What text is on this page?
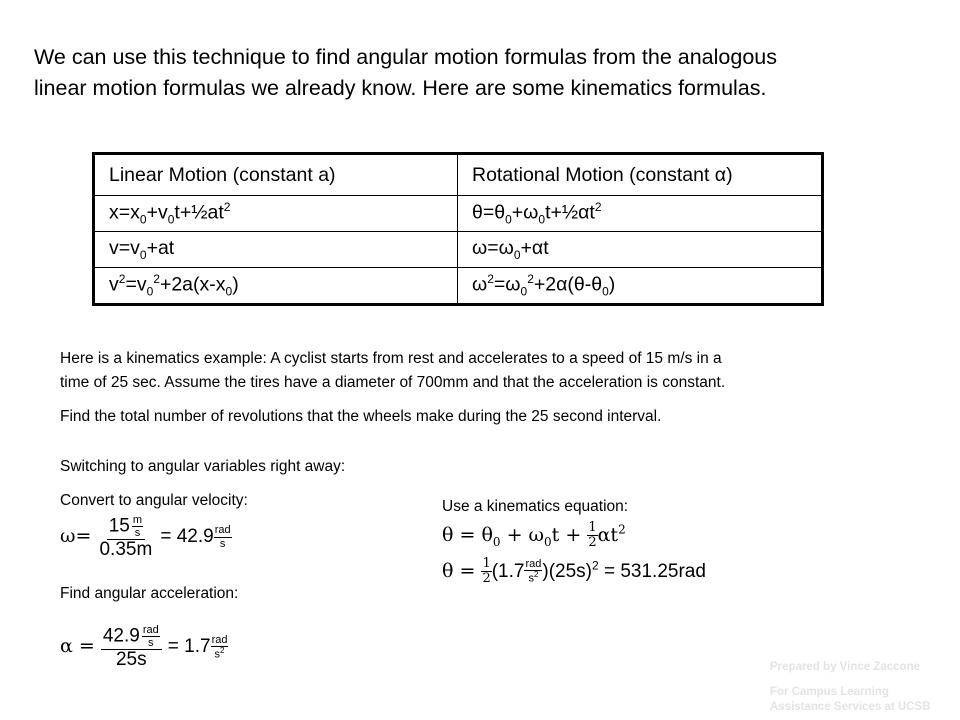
We can use this technique to find angular motion formulas from the analogous
linear motion formulas we already know. Here are some kinematics formulas.

Linear Motion (constant a)	Rotational Motion (constant α)
$x=x_0+v_0t+\frac{1}{2}at^2$	$\theta=\theta_0+\omega_0t+\frac{1}{2}\alpha t^2$
$v=v_0+at$	$\omega=\omega_0+\alpha t$
$v^2=v_0^2+2a(x-x_0)$	$\omega^2=\omega_0^2+2\alpha(\theta-\theta_0)$

Here is a kinematics example: A cyclist starts from rest and accelerates to a speed of 15 m/s in a
time of 25 sec. Assume the tires have a diameter of 700mm and that the acceleration is constant.

Find the total number of revolutions that the wheels make during the 25 second interval.

Switching to angular variables right away:

Convert to angular velocity:

$\omega= \frac{15 \frac{m}{s}}{0.35m} = 42.9 \frac{\text{rad}}{s}$

Use a kinematics equation:

$\theta = \theta_0 + \omega_0t + \frac{1}{2} \alpha t^2$
$\theta = \frac{1}{2} (1.7 \frac{\text{rad}}{s^2} )(25s)^2 = 531.25rad$

Find angular acceleration:

$\alpha = \frac{42.9 \frac{\text{rad}}{s}}{25s} = 1.7 \frac{\text{rad}}{s^2}$

Prepared by Vince Zaccone

For Campus Learning
Assistance Services at UCSB
